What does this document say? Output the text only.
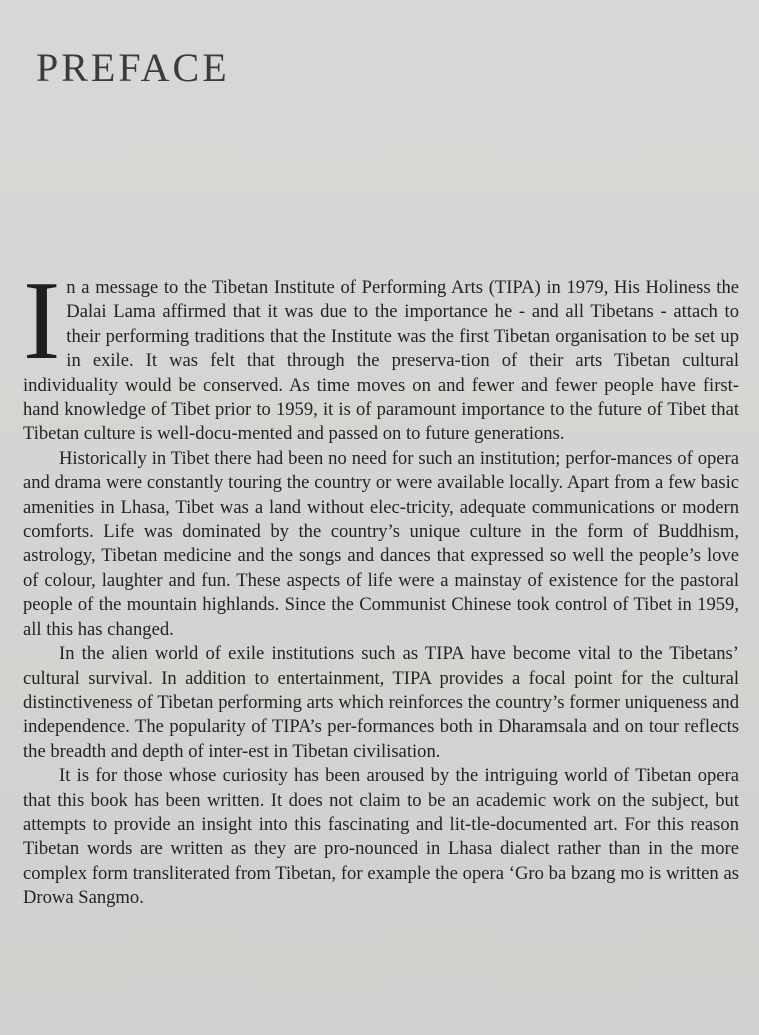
PREFACE

In a message to the Tibetan Institute of Performing Arts (TIPA) in 1979, His Holiness the Dalai Lama affirmed that it was due to the importance he - and all Tibetans - attach to their performing traditions that the Institute was the first Tibetan organisation to be set up in exile. It was felt that through the preserva-tion of their arts Tibetan cultural individuality would be conserved. As time moves on and fewer and fewer people have first-hand knowledge of Tibet prior to 1959, it is of paramount importance to the future of Tibet that Tibetan culture is well-docu-mented and passed on to future generations.

Historically in Tibet there had been no need for such an institution; perfor-mances of opera and drama were constantly touring the country or were available locally. Apart from a few basic amenities in Lhasa, Tibet was a land without elec-tricity, adequate communications or modern comforts. Life was dominated by the country’s unique culture in the form of Buddhism, astrology, Tibetan medicine and the songs and dances that expressed so well the people’s love of colour, laughter and fun. These aspects of life were a mainstay of existence for the pastoral people of the mountain highlands. Since the Communist Chinese took control of Tibet in 1959, all this has changed.

In the alien world of exile institutions such as TIPA have become vital to the Tibetans’ cultural survival. In addition to entertainment, TIPA provides a focal point for the cultural distinctiveness of Tibetan performing arts which reinforces the country’s former uniqueness and independence. The popularity of TIPA’s per-formances both in Dharamsala and on tour reflects the breadth and depth of inter-est in Tibetan civilisation.

It is for those whose curiosity has been aroused by the intriguing world of Tibetan opera that this book has been written. It does not claim to be an academic work on the subject, but attempts to provide an insight into this fascinating and lit-tle-documented art. For this reason Tibetan words are written as they are pro-nounced in Lhasa dialect rather than in the more complex form transliterated from Tibetan, for example the opera ‘Gro ba bzang mo is written as Drowa Sangmo.
